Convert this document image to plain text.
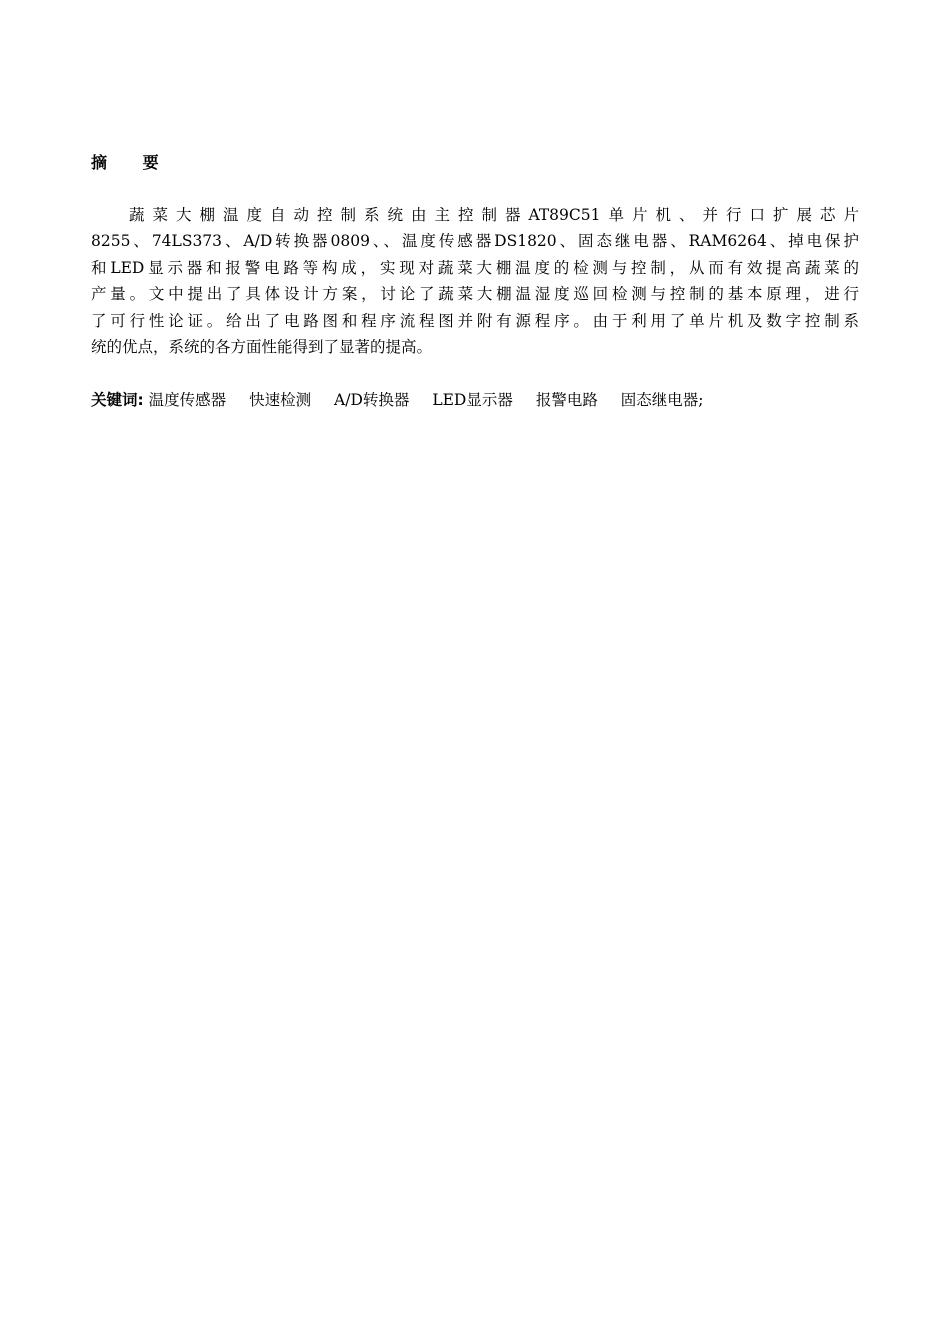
摘 要
蔬菜大棚温度自动控制系统由主控制器AT89C51单片机、并行口扩展芯片
8255、74LS373、A/D转换器0809、、温度传感器DS1820、固态继电器、RAM6264、掉电保护
和LED显示器和报警电路等构成，实现对蔬菜大棚温度的检测与控制，从而有效提高蔬菜的
产量。文中提出了具体设计方案，讨论了蔬菜大棚温湿度巡回检测与控制的基本原理，进行
了可行性论证。给出了电路图和程序流程图并附有源程序。由于利用了单片机及数字控制系
统的优点，系统的各方面性能得到了显著的提高。
关键词: 温度传感器 快速检测 A/D转换器 LED显示器 报警电路 固态继电器;
